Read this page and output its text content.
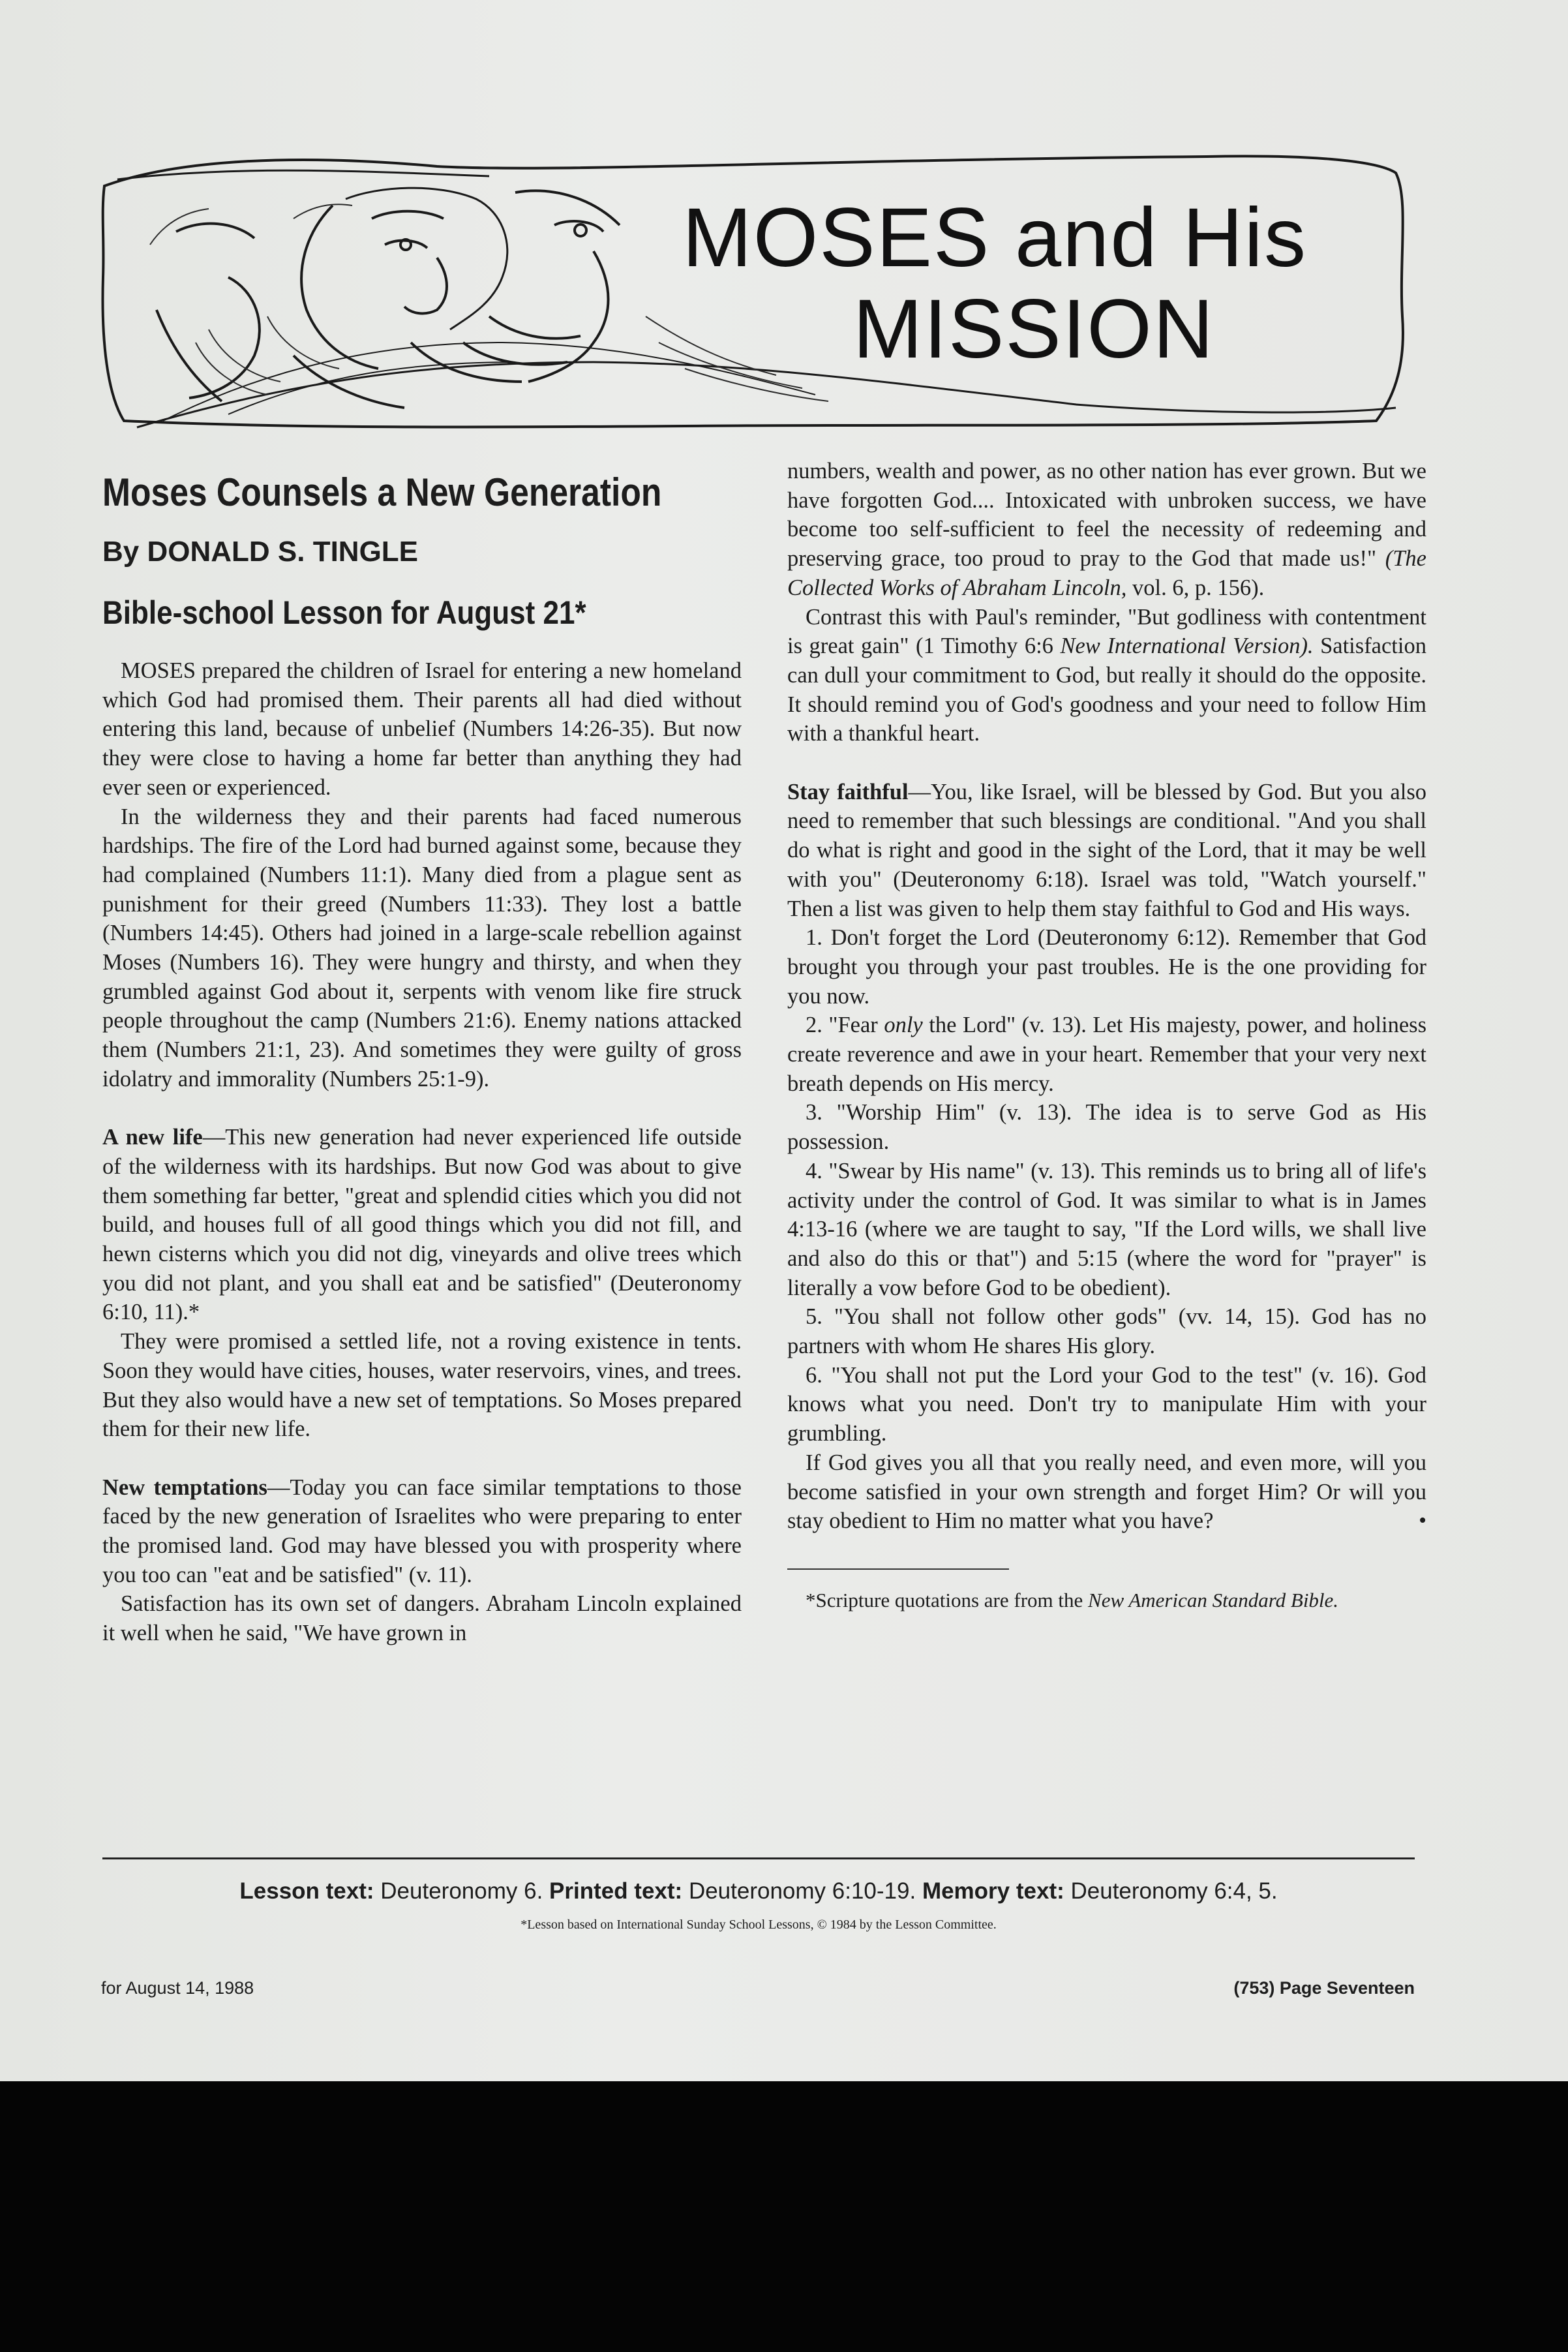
MOSES and His
MISSION
Moses Counsels a New Generation
By DONALD S. TINGLE
Bible-school Lesson for August 21*

MOSES prepared the children of Israel for entering a new homeland which God had promised them. Their parents all had died without entering this land, because of unbelief (Numbers 14:26-35). But now they were close to having a home far better than anything they had ever seen or experienced.

In the wilderness they and their parents had faced numerous hardships. The fire of the Lord had burned against some, because they had complained (Numbers 11:1). Many died from a plague sent as punishment for their greed (Numbers 11:33). They lost a battle (Numbers 14:45). Others had joined in a large-scale rebellion against Moses (Numbers 16). They were hungry and thirsty, and when they grumbled against God about it, serpents with venom like fire struck people throughout the camp (Numbers 21:6). Enemy nations attacked them (Numbers 21:1, 23). And sometimes they were guilty of gross idolatry and immorality (Numbers 25:1-9).

A new life—This new generation had never experienced life outside of the wilderness with its hardships. But now God was about to give them something far better, "great and splendid cities which you did not build, and houses full of all good things which you did not fill, and hewn cisterns which you did not dig, vineyards and olive trees which you did not plant, and you shall eat and be satisfied" (Deuteronomy 6:10, 11).*

They were promised a settled life, not a roving existence in tents. Soon they would have cities, houses, water reservoirs, vines, and trees. But they also would have a new set of temptations. So Moses prepared them for their new life.

New temptations—Today you can face similar temptations to those faced by the new generation of Israelites who were preparing to enter the promised land. God may have blessed you with prosperity where you too can "eat and be satisfied" (v. 11).

Satisfaction has its own set of dangers. Abraham Lincoln explained it well when he said, "We have grown in

numbers, wealth and power, as no other nation has ever grown. But we have forgotten God.... Intoxicated with unbroken success, we have become too self-sufficient to feel the necessity of redeeming and preserving grace, too proud to pray to the God that made us!" (The Collected Works of Abraham Lincoln, vol. 6, p. 156).

Contrast this with Paul's reminder, "But godliness with contentment is great gain" (1 Timothy 6:6 New International Version). Satisfaction can dull your commitment to God, but really it should do the opposite. It should remind you of God's goodness and your need to follow Him with a thankful heart.

Stay faithful—You, like Israel, will be blessed by God. But you also need to remember that such blessings are conditional. "And you shall do what is right and good in the sight of the Lord, that it may be well with you" (Deuteronomy 6:18). Israel was told, "Watch yourself." Then a list was given to help them stay faithful to God and His ways.

1. Don't forget the Lord (Deuteronomy 6:12). Remember that God brought you through your past troubles. He is the one providing for you now.

2. "Fear only the Lord" (v. 13). Let His majesty, power, and holiness create reverence and awe in your heart. Remember that your very next breath depends on His mercy.

3. "Worship Him" (v. 13). The idea is to serve God as His possession.

4. "Swear by His name" (v. 13). This reminds us to bring all of life's activity under the control of God. It was similar to what is in James 4:13-16 (where we are taught to say, "If the Lord wills, we shall live and also do this or that") and 5:15 (where the word for "prayer" is literally a vow before God to be obedient).

5. "You shall not follow other gods" (vv. 14, 15). God has no partners with whom He shares His glory.

6. "You shall not put the Lord your God to the test" (v. 16). God knows what you need. Don't try to manipulate Him with your grumbling.

If God gives you all that you really need, and even more, will you become satisfied in your own strength and forget Him? Or will you stay obedient to Him no matter what you have?	•

*Scripture quotations are from the New American Standard Bible.

Lesson text: Deuteronomy 6. Printed text: Deuteronomy 6:10-19. Memory text: Deuteronomy 6:4, 5.
*Lesson based on International Sunday School Lessons, © 1984 by the Lesson Committee.
for August 14, 1988	(753) Page Seventeen
